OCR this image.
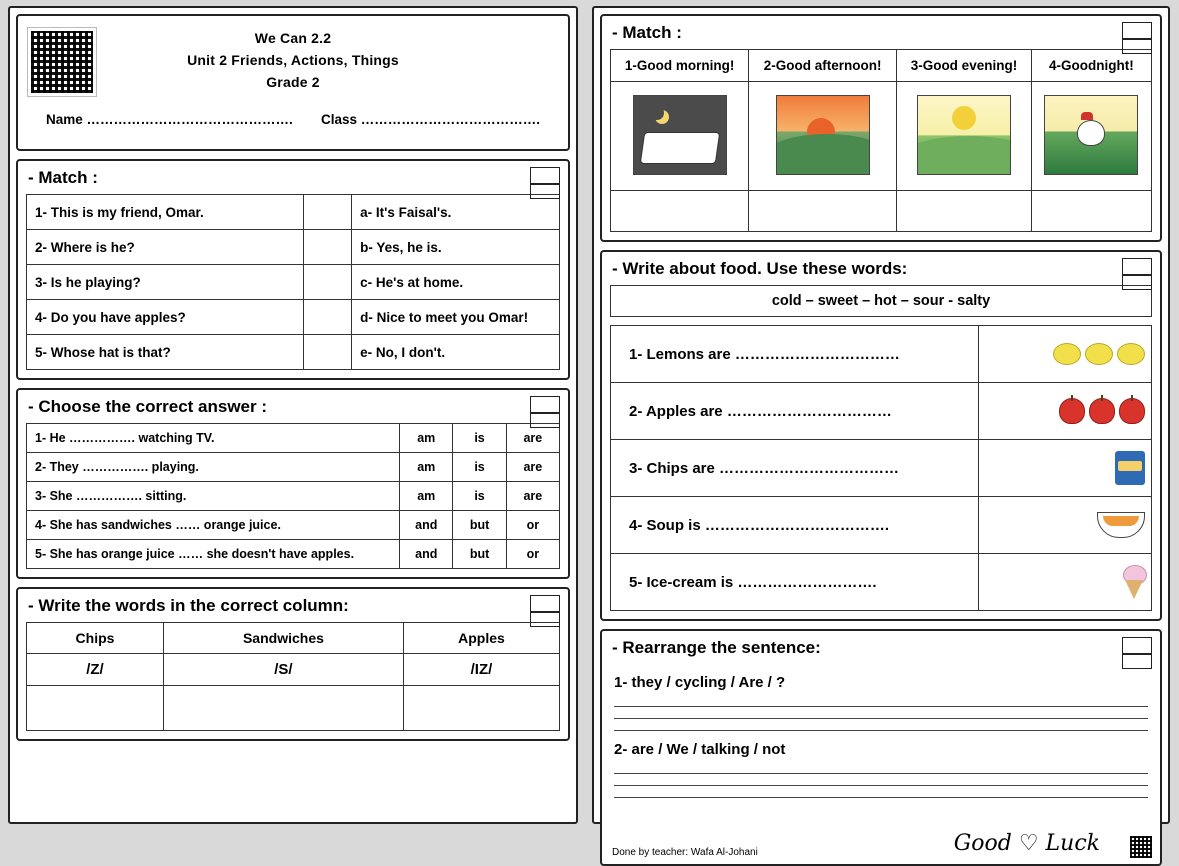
We Can 2.2
Unit 2 Friends, Actions, Things
Grade 2
Name ………………………………………. Class ………………………………….
- Match :
1- This is my friend, Omar.		a- It's Faisal's.
2- Where is he?		b- Yes, he is.
3- Is he playing?		c- He's at home.
4- Do you have apples?		d- Nice to meet you Omar!
5- Whose hat is that?		e- No, I don't.
- Choose the correct answer :
1- He ……………. watching TV.	am	is	are
2- They ……………. playing.	am	is	are
3- She ……………. sitting.	am	is	are
4- She has sandwiches …… orange juice.	and	but	or
5- She has orange juice …… she doesn't have apples.	and	but	or
- Write the words in the correct column:
Chips	Sandwiches	Apples
/Z/	/S/	/IZ/

- Match :
1-Good morning!	2-Good afternoon!	3-Good evening!	4-Goodnight!

- Write about food. Use these words:
cold – sweet – hot – sour - salty
1- Lemons are ……………………………	
2- Apples are ……………………………	
3- Chips are ………………………………	
4- Soup is ……………………………….	
5- Ice-cream is ……………………….	
- Rearrange the sentence:
1- they / cycling / Are / ?
2- are / We / talking / not
Done by teacher: Wafa Al-Johani	Good ♡ Luck
